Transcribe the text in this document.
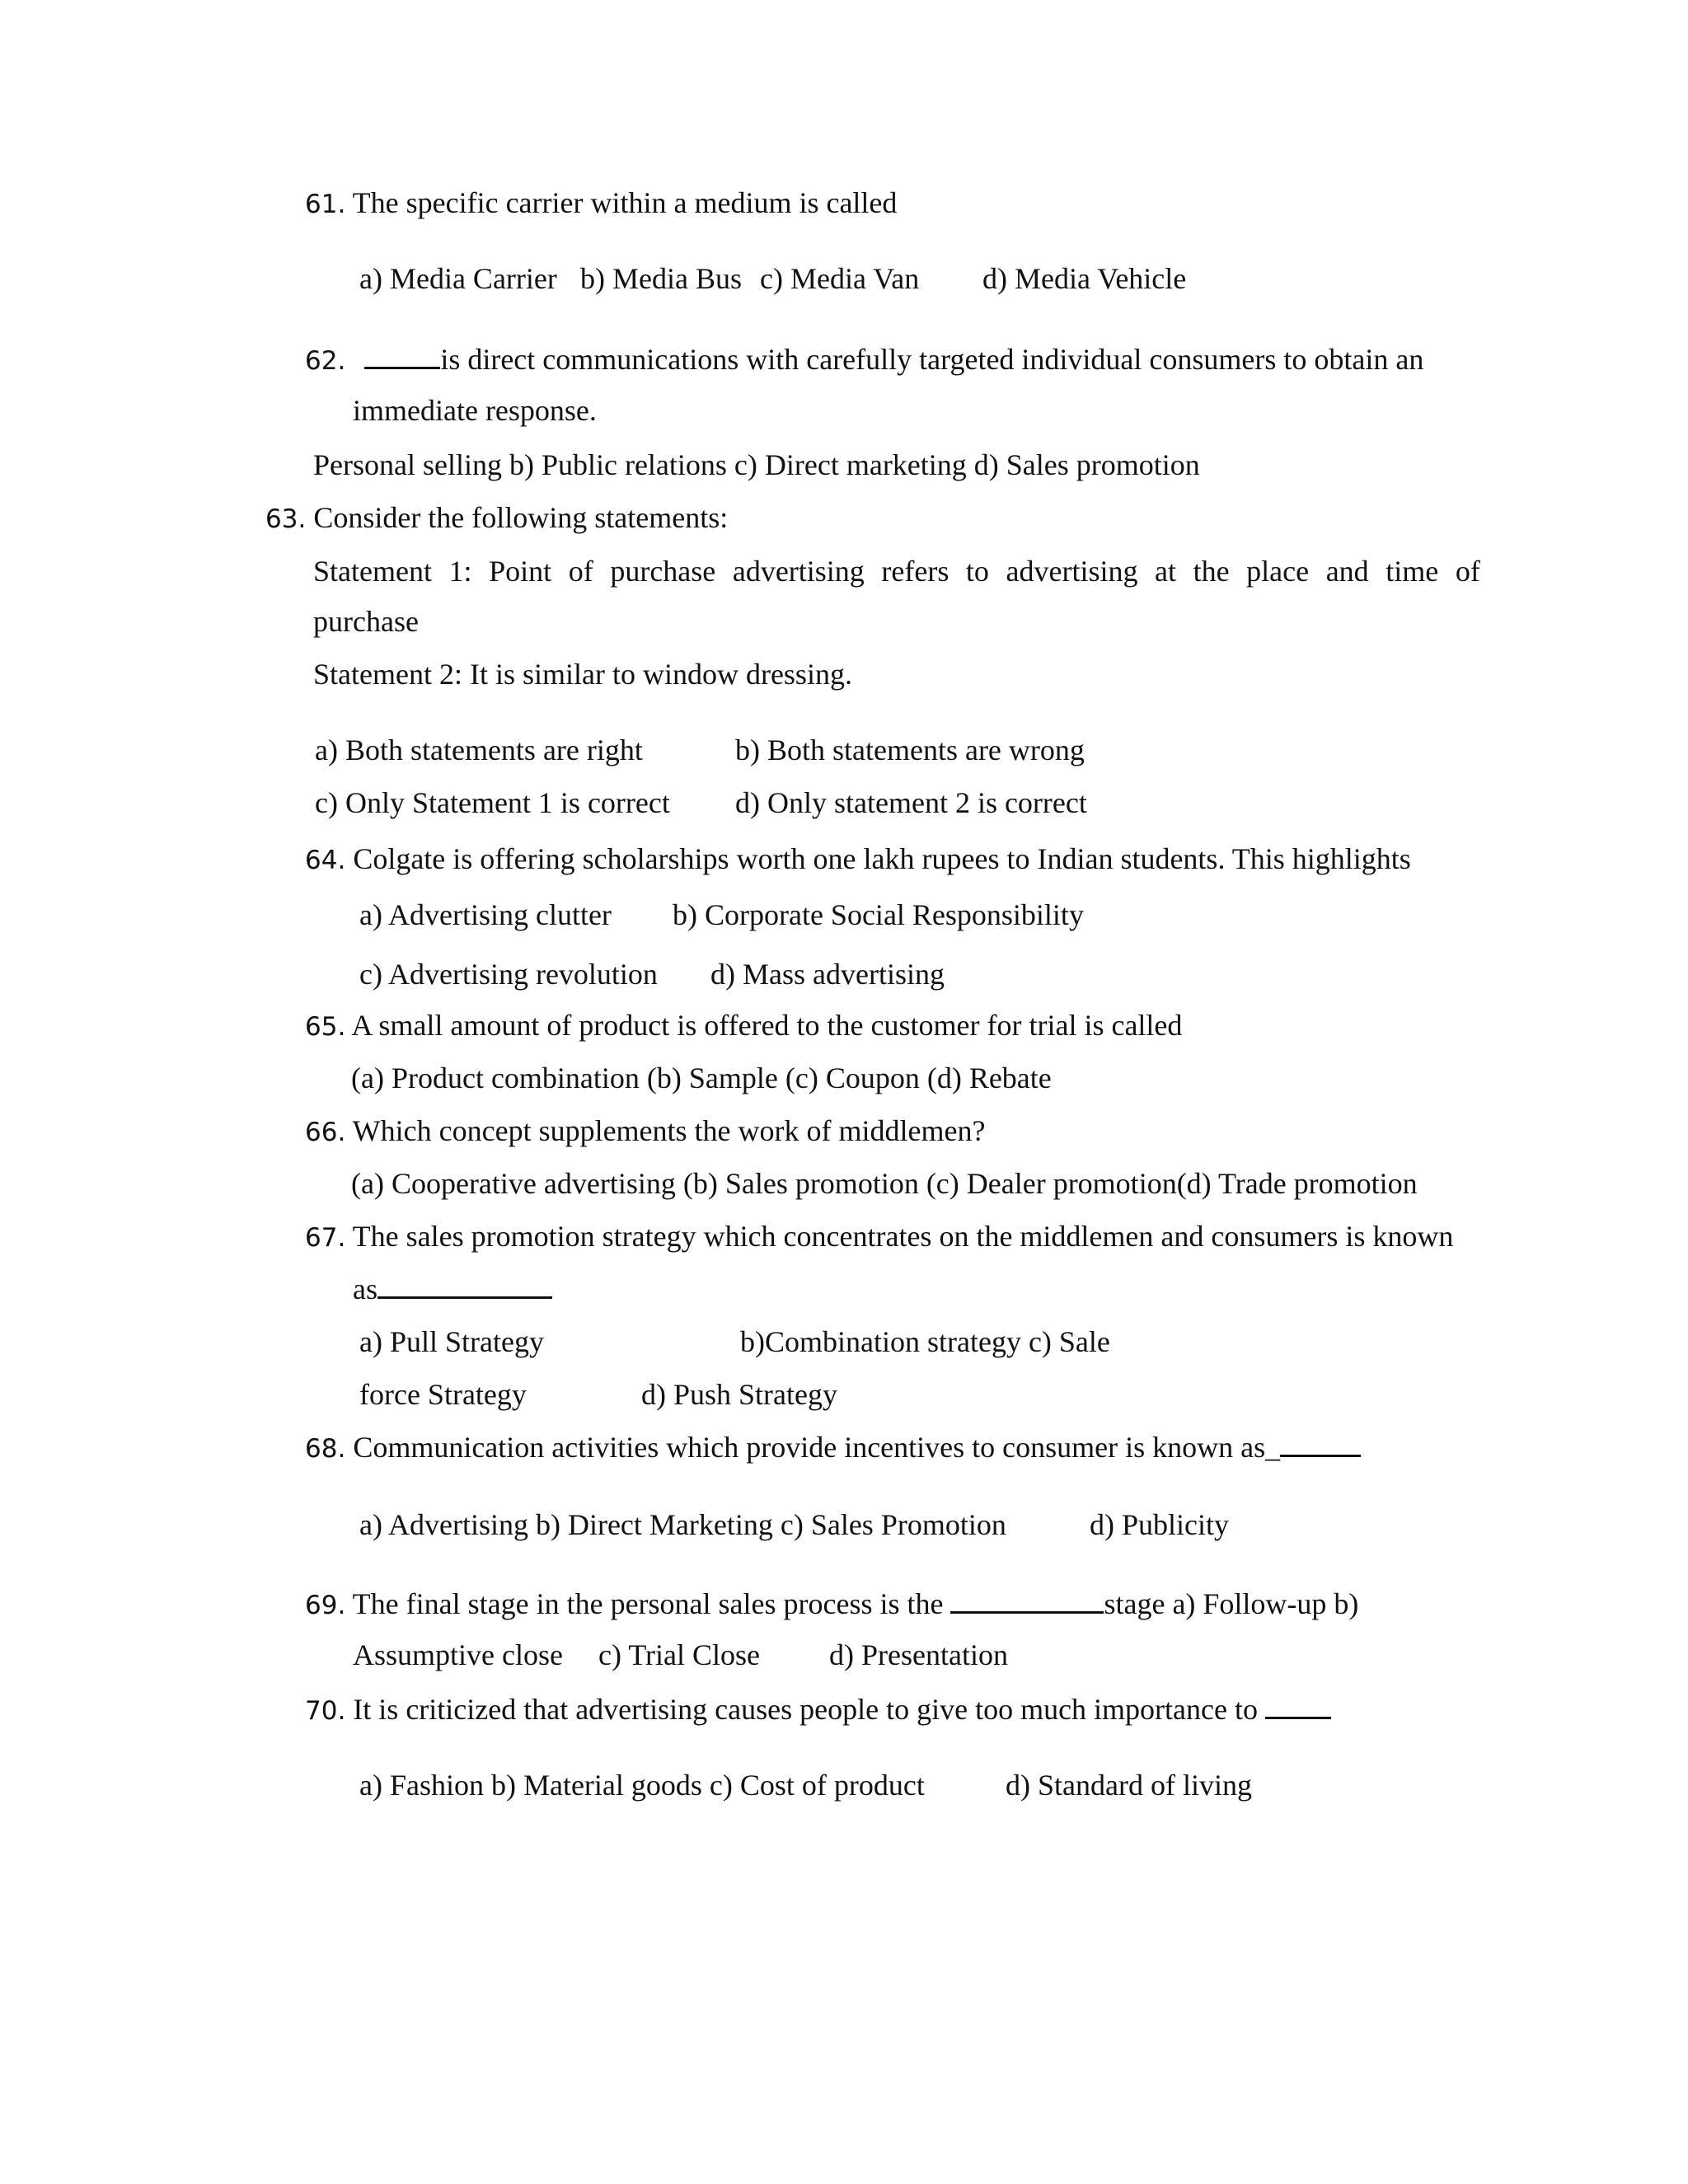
61. The specific carrier within a medium is called
a) Media Carrier b) Media Bus c) Media Van d) Media Vehicle
62.	is direct communications with carefully targeted individual consumers to obtain an
immediate response.
Personal selling b) Public relations c) Direct marketing d) Sales promotion
63. Consider the following statements:
Statement 1: Point of purchase advertising refers to advertising at the place and time of
purchase
Statement 2: It is similar to window dressing.
a) Both statements are right	b) Both statements are wrong
c) Only Statement 1 is correct d) Only statement 2 is correct
64. Colgate is offering scholarships worth one lakh rupees to Indian students. This highlights
a) Advertising clutter b) Corporate Social Responsibility
c) Advertising revolution d) Mass advertising
65. A small amount of product is offered to the customer for trial is called
(a) Product combination (b) Sample (c) Coupon (d) Rebate
66. Which concept supplements the work of middlemen?
(a) Cooperative advertising (b) Sales promotion (c) Dealer promotion(d) Trade promotion
67. The sales promotion strategy which concentrates on the middlemen and consumers is known
as
a) Pull Strategy	b)Combination strategy c) Sale
force Strategy	d) Push Strategy
68. Communication activities which provide incentives to consumer is known as_
a) Advertising b) Direct Marketing c) Sales Promotion	d) Publicity
69. The final stage in the personal sales process is the	stage a) Follow-up b)
Assumptive close c) Trial Close d) Presentation
70. It is criticized that advertising causes people to give too much importance to
a) Fashion b) Material goods c) Cost of product	d) Standard of living
